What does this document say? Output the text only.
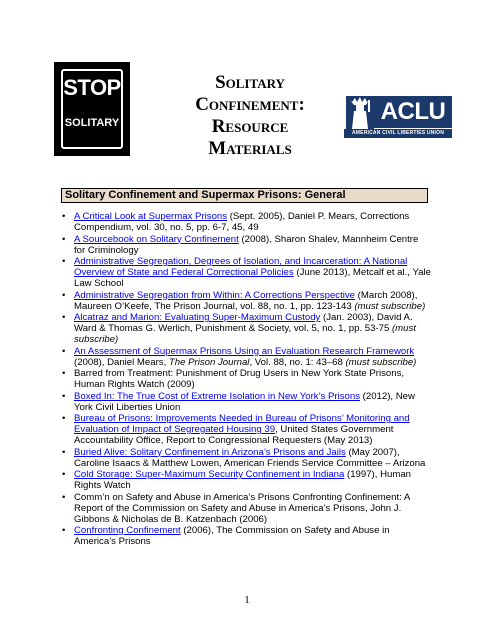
STOP
SOLITARY
Solitary
Confinement:
Resource
Materials
ACLU
AMERICAN CIVIL LIBERTIES UNION
Solitary Confinement and Supermax Prisons: General
• A Critical Look at Supermax Prisons (Sept. 2005), Daniel P. Mears, Corrections Compendium, vol. 30, no. 5, pp. 6-7, 45, 49
• A Sourcebook on Solitary Confinement (2008), Sharon Shalev, Mannheim Centre for Criminology
• Administrative Segregation, Degrees of Isolation, and Incarceration: A National Overview of State and Federal Correctional Policies (June 2013), Metcalf et al., Yale Law School
• Administrative Segregation from Within: A Corrections Perspective (March 2008), Maureen O’Keefe, The Prison Journal, vol. 88, no. 1, pp. 123-143 (must subscribe)
• Alcatraz and Marion: Evaluating Super-Maximum Custody (Jan. 2003), David A. Ward & Thomas G. Werlich, Punishment & Society, vol. 5, no. 1, pp. 53-75 (must subscribe)
• An Assessment of Supermax Prisons Using an Evaluation Research Framework (2008), Daniel Mears, The Prison Journal, Vol. 88, no. 1: 43–68 (must subscribe)
• Barred from Treatment: Punishment of Drug Users in New York State Prisons, Human Rights Watch (2009)
• Boxed In: The True Cost of Extreme Isolation in New York’s Prisons (2012), New York Civil Liberties Union
• Bureau of Prisons: Improvements Needed in Bureau of Prisons’ Monitoring and Evaluation of Impact of Segregated Housing 39, United States Government Accountability Office, Report to Congressional Requesters (May 2013)
• Buried Alive: Solitary Confinement in Arizona’s Prisons and Jails (May 2007), Caroline Isaacs & Matthew Lowen, American Friends Service Committee – Arizona
• Cold Storage: Super-Maximum Security Confinement in Indiana (1997), Human Rights Watch
• Comm’n on Safety and Abuse in America’s Prisons Confronting Confinement: A Report of the Commission on Safety and Abuse in America’s Prisons, John J. Gibbons & Nicholas de B. Katzenbach (2006)
• Confronting Confinement (2006), The Commission on Safety and Abuse in America’s Prisons
1
